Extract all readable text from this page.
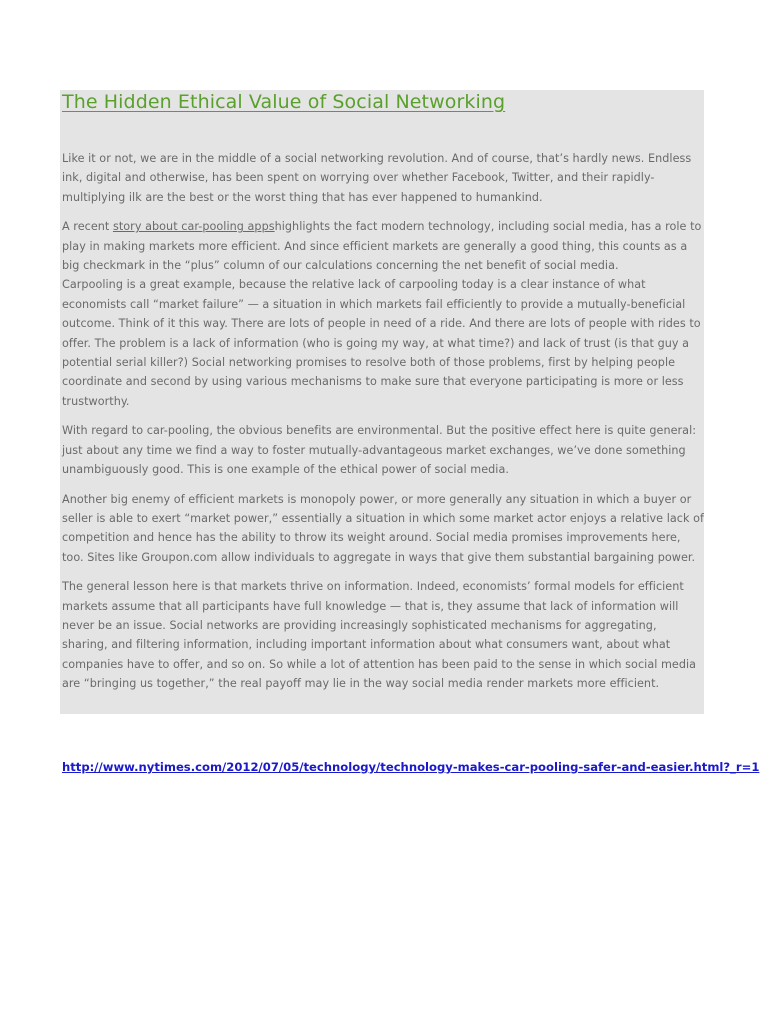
The Hidden Ethical Value of Social Networking

Like it or not, we are in the middle of a social networking revolution. And of course, that’s hardly news. Endless ink, digital and otherwise, has been spent on worrying over whether Facebook, Twitter, and their rapidly-multiplying ilk are the best or the worst thing that has ever happened to humankind.

A recent story about car-pooling appshighlights the fact modern technology, including social media, has a role to play in making markets more efficient. And since efficient markets are generally a good thing, this counts as a big checkmark in the “plus” column of our calculations concerning the net benefit of social media.

Carpooling is a great example, because the relative lack of carpooling today is a clear instance of what economists call “market failure” — a situation in which markets fail efficiently to provide a mutually-beneficial outcome. Think of it this way. There are lots of people in need of a ride. And there are lots of people with rides to offer. The problem is a lack of information (who is going my way, at what time?) and lack of trust (is that guy a potential serial killer?) Social networking promises to resolve both of those problems, first by helping people coordinate and second by using various mechanisms to make sure that everyone participating is more or less trustworthy.

With regard to car-pooling, the obvious benefits are environmental. But the positive effect here is quite general: just about any time we find a way to foster mutually-advantageous market exchanges, we’ve done something unambiguously good. This is one example of the ethical power of social media.

Another big enemy of efficient markets is monopoly power, or more generally any situation in which a buyer or seller is able to exert “market power,” essentially a situation in which some market actor enjoys a relative lack of competition and hence has the ability to throw its weight around. Social media promises improvements here, too. Sites like Groupon.com allow individuals to aggregate in ways that give them substantial bargaining power.

The general lesson here is that markets thrive on information. Indeed, economists’ formal models for efficient markets assume that all participants have full knowledge — that is, they assume that lack of information will never be an issue. Social networks are providing increasingly sophisticated mechanisms for aggregating, sharing, and filtering information, including important information about what consumers want, about what companies have to offer, and so on. So while a lot of attention has been paid to the sense in which social media are “bringing us together,” the real payoff may lie in the way social media render markets more efficient.

http://www.nytimes.com/2012/07/05/technology/technology-makes-car-pooling-safer-and-easier.html?_r=1
